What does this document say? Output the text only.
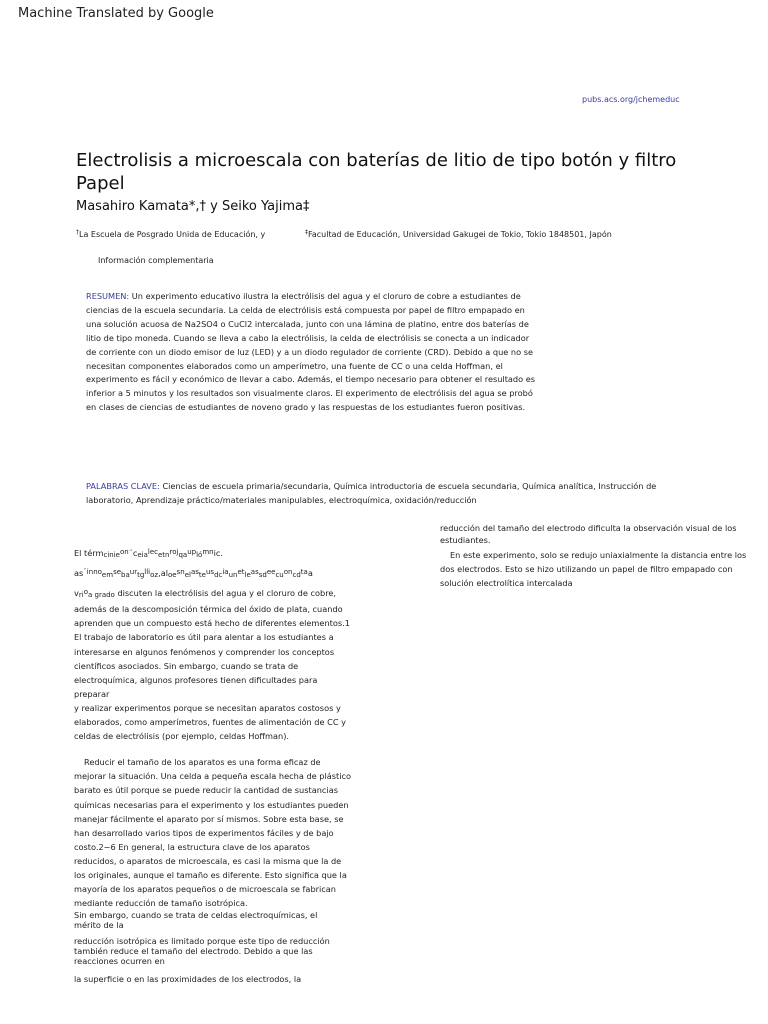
Machine Translated by Google
pubs.acs.org/jchemeduc
Electrolisis a microescala con baterías de litio de tipo botón y filtro Papel
Masahiro Kamata*,† y Seiko Yajima‡
†La Escuela de Posgrado Unida de Educación, y	‡Facultad de Educación, Universidad Gakugei de Tokio, Tokio 1848501, Japón
Información complementaria
RESUMEN: Un experimento educativo ilustra la electrólisis del agua y el cloruro de cobre a estudiantes de ciencias de la escuela secundaria. La celda de electrólisis está compuesta por papel de filtro empapado en una solución acuosa de Na2SO4 o CuCl2 intercalada, junto con una lámina de platino, entre dos baterías de litio de tipo moneda. Cuando se lleva a cabo la electrólisis, la celda de electrólisis se conecta a un indicador de corriente con un diodo emisor de luz (LED) y a un diodo regulador de corriente (CRD). Debido a que no se necesitan componentes elaborados como un amperímetro, una fuente de CC o una celda Hoffman, el experimento es fácil y económico de llevar a cabo. Además, el tiempo necesario para obtener el resultado es inferior a 5 minutos y los resultados son visualmente claros. El experimento de electrólisis del agua se probó en clases de ciencias de estudiantes de noveno grado y las respuestas de los estudiantes fueron positivas.
PALABRAS CLAVE: Ciencias de escuela primaria/secundaria, Química introductoria de escuela secundaria, Química analítica, Instrucción de laboratorio, Aprendizaje práctico/materiales manipulables, electroquímica, oxidación/reducción

El térmcinieon¨ceialecetnrojqauplómnic.

as¨innoemsebaurtgllioz,aloesnelasteusdciaunetleassdeecuoncdtaa

vrioa grado discuten la electrólisis del agua y el cloruro de cobre,

además de la descomposición térmica del óxido de plata, cuando
aprenden que un compuesto está hecho de diferentes elementos.1
El trabajo de laboratorio es útil para alentar a los estudiantes a
interesarse en algunos fenómenos y comprender los conceptos
científicos asociados. Sin embargo, cuando se trata de
electroquímica, algunos profesores tienen dificultades para
preparar
y realizar experimentos porque se necesitan aparatos costosos y
elaborados, como amperímetros, fuentes de alimentación de CC y
celdas de electrólisis (por ejemplo, celdas Hoffman).

Reducir el tamaño de los aparatos es una forma eficaz de
mejorar la situación. Una celda a pequeña escala hecha de plástico
barato es útil porque se puede reducir la cantidad de sustancias
químicas necesarias para el experimento y los estudiantes pueden
manejar fácilmente el aparato por sí mismos. Sobre esta base, se
han desarrollado varios tipos de experimentos fáciles y de bajo
costo.2−6 En general, la estructura clave de los aparatos
reducidos, o aparatos de microescala, es casi la misma que la de
los originales, aunque el tamaño es diferente. Esto significa que la
mayoría de los aparatos pequeños o de microescala se fabrican
mediante reducción de tamaño isotrópica.

Sin embargo, cuando se trata de celdas electroquímicas, el
mérito de la
reducción isotrópica es limitado porque este tipo de reducción
también reduce el tamaño del electrodo. Debido a que las
reacciones ocurren en
la superficie o en las proximidades de los electrodos, la

reducción del tamaño del electrodo dificulta la observación visual de los estudiantes.

En este experimento, solo se redujo uniaxialmente la distancia entre los dos electrodos. Esto se hizo utilizando un papel de filtro empapado con solución electrolítica intercalada
